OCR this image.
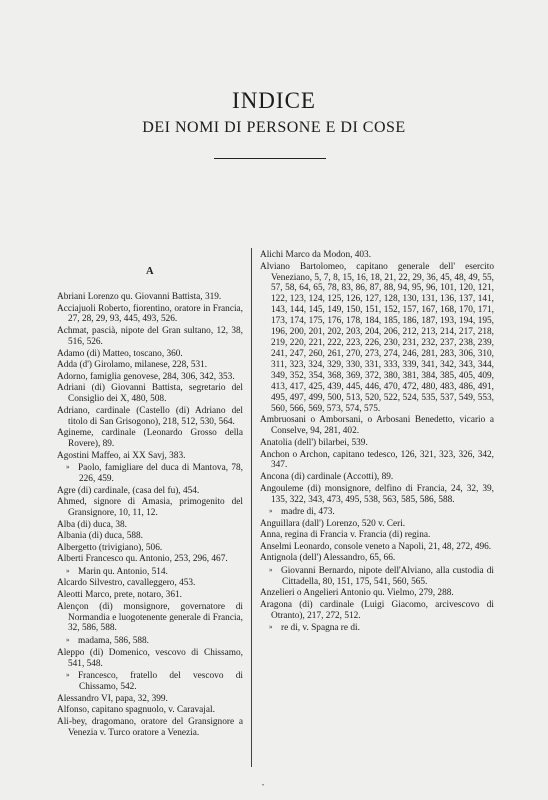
INDICE
DEI NOMI DI PERSONE E DI COSE
A
Abriani Lorenzo qu. Giovanni Battista, 319.
Acciajuoli Roberto, fiorentino, oratore in Francia, 27, 28, 29, 93, 445, 493, 526.
Achmat, pascià, nipote del Gran sultano, 12, 38, 516, 526.
Adamo (di) Matteo, toscano, 360.
Adda (d') Girolamo, milanese, 228, 531.
Adorno, famiglia genovese, 284, 306, 342, 353.
Adriani (di) Giovanni Battista, segretario del Consiglio dei X, 480, 508.
Adriano, cardinale (Castello (di) Adriano del titolo di San Grisogono), 218, 512, 530, 564.
Agineme, cardinale (Leonardo Grosso della Rovere), 89.
Agostini Maffeo, ai XX Savj, 383.
» Paolo, famigliare del duca di Mantova, 78, 226, 459.
Agre (di) cardinale, (casa del fu), 454.
Ahmed, signore di Amasia, primogenito del Gransignore, 10, 11, 12.
Alba (di) duca, 38.
Albania (di) duca, 588.
Albergetto (trivigiano), 506.
Alberti Francesco qu. Antonio, 253, 296, 467.
» Marin qu. Antonio, 514.
Alcardo Silvestro, cavalleggero, 453.
Aleotti Marco, prete, notaro, 361.
Alençon (di) monsignore, governatore di Normandia e luogotenente generale di Francia, 32, 586, 588.
» madama, 586, 588.
Aleppo (di) Domenico, vescovo di Chissamo, 541, 548.
» Francesco, fratello del vescovo di Chissamo, 542.
Alessandro VI, papa, 32, 399.
Alfonso, capitano spagnuolo, v. Caravajal.
Ali-bey, dragomano, oratore del Gransignore a Venezia v. Turco oratore a Venezia.
Alichi Marco da Modon, 403.
Alviano Bartolomeo, capitano generale dell' esercito Veneziano, 5, 7, 8, 15, 16, 18, 21, 22, 29, 36, 45, 48, 49, 55, 57, 58, 64, 65, 78, 83, 86, 87, 88, 94, 95, 96, 101, 120, 121, 122, 123, 124, 125, 126, 127, 128, 130, 131, 136, 137, 141, 143, 144, 145, 149, 150, 151, 152, 157, 167, 168, 170, 171, 173, 174, 175, 176, 178, 184, 185, 186, 187, 193, 194, 195, 196, 200, 201, 202, 203, 204, 206, 212, 213, 214, 217, 218, 219, 220, 221, 222, 223, 226, 230, 231, 232, 237, 238, 239, 241, 247, 260, 261, 270, 273, 274, 246, 281, 283, 306, 310, 311, 323, 324, 329, 330, 331, 333, 339, 341, 342, 343, 344, 349, 352, 354, 368, 369, 372, 380, 381, 384, 385, 405, 409, 413, 417, 425, 439, 445, 446, 470, 472, 480, 483, 486, 491, 495, 497, 499, 500, 513, 520, 522, 524, 535, 537, 549, 553, 560, 566, 569, 573, 574, 575.
Ambruosani o Amborsani, o Arbosani Benedetto, vicario a Conselve, 94, 281, 402.
Anatolia (dell') bilarbei, 539.
Anchon o Archon, capitano tedesco, 126, 321, 323, 326, 342, 347.
Ancona (di) cardinale (Accotti), 89.
Angouleme (di) monsignore, delfino di Francia, 24, 32, 39, 135, 322, 343, 473, 495, 538, 563, 585, 586, 588.
» madre di, 473.
Anguillara (dall') Lorenzo, 520 v. Ceri.
Anna, regina di Francia v. Francia (di) regina.
Anselmi Leonardo, console veneto a Napoli, 21, 48, 272, 496.
Antignola (dell') Alessandro, 65, 66.
» Giovanni Bernardo, nipote dell'Alviano, alla custodia di Cittadella, 80, 151, 175, 541, 560, 565.
Anzelieri o Angelieri Antonio qu. Vielmo, 279, 288.
Aragona (di) cardinale (Luigi Giacomo, arcivescovo di Otranto), 217, 272, 512.
» re di, v. Spagna re di.
•
